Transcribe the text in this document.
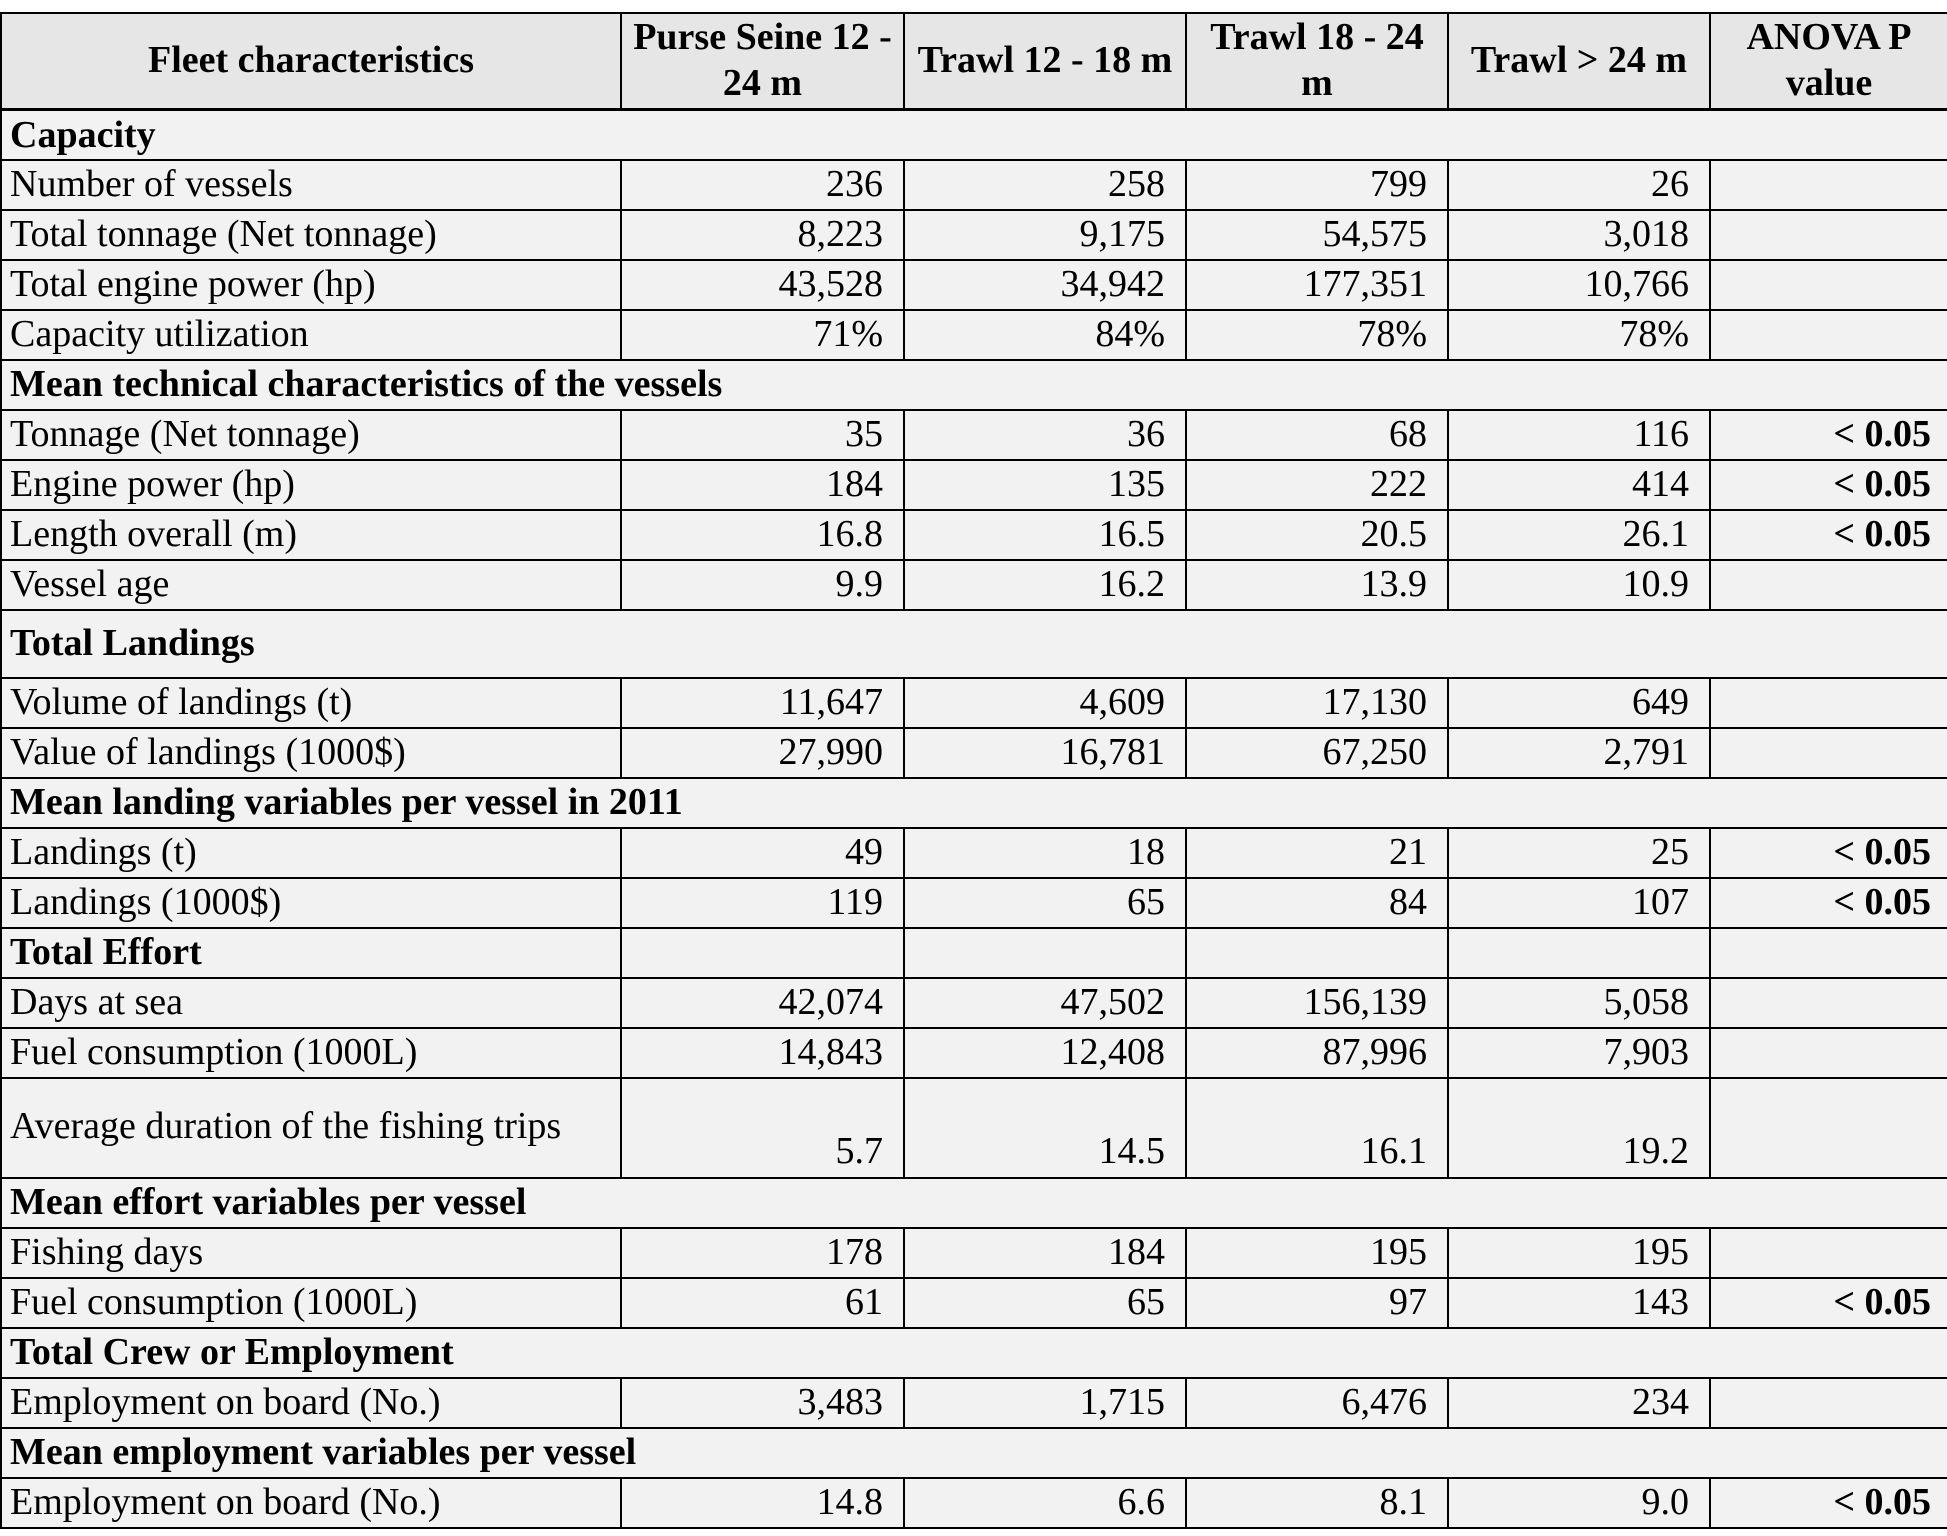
Fleet characteristics	Purse Seine 12 - 24 m	Trawl 12 - 18 m	Trawl 18 - 24 m	Trawl > 24 m	ANOVA P value
Capacity					
Number of vessels	236	258	799	26	
Total tonnage (Net tonnage)	8,223	9,175	54,575	3,018	
Total engine power (hp)	43,528	34,942	177,351	10,766	
Capacity utilization	71%	84%	78%	78%	
Mean technical characteristics of the vessels					
Tonnage (Net tonnage)	35	36	68	116	< 0.05
Engine power (hp)	184	135	222	414	< 0.05
Length overall (m)	16.8	16.5	20.5	26.1	< 0.05
Vessel age	9.9	16.2	13.9	10.9	
Total Landings					
Volume of landings (t)	11,647	4,609	17,130	649	
Value of landings (1000$)	27,990	16,781	67,250	2,791	
Mean landing variables per vessel in 2011					
Landings (t)	49	18	21	25	< 0.05
Landings (1000$)	119	65	84	107	< 0.05
Total Effort					
Days at sea	42,074	47,502	156,139	5,058	
Fuel consumption (1000L)	14,843	12,408	87,996	7,903	
Average duration of the fishing trips	5.7	14.5	16.1	19.2	
Mean effort variables per vessel					
Fishing days	178	184	195	195	
Fuel consumption (1000L)	61	65	97	143	< 0.05
Total Crew or Employment					
Employment on board (No.)	3,483	1,715	6,476	234	
Mean employment variables per vessel					
Employment on board (No.)	14.8	6.6	8.1	9.0	< 0.05
